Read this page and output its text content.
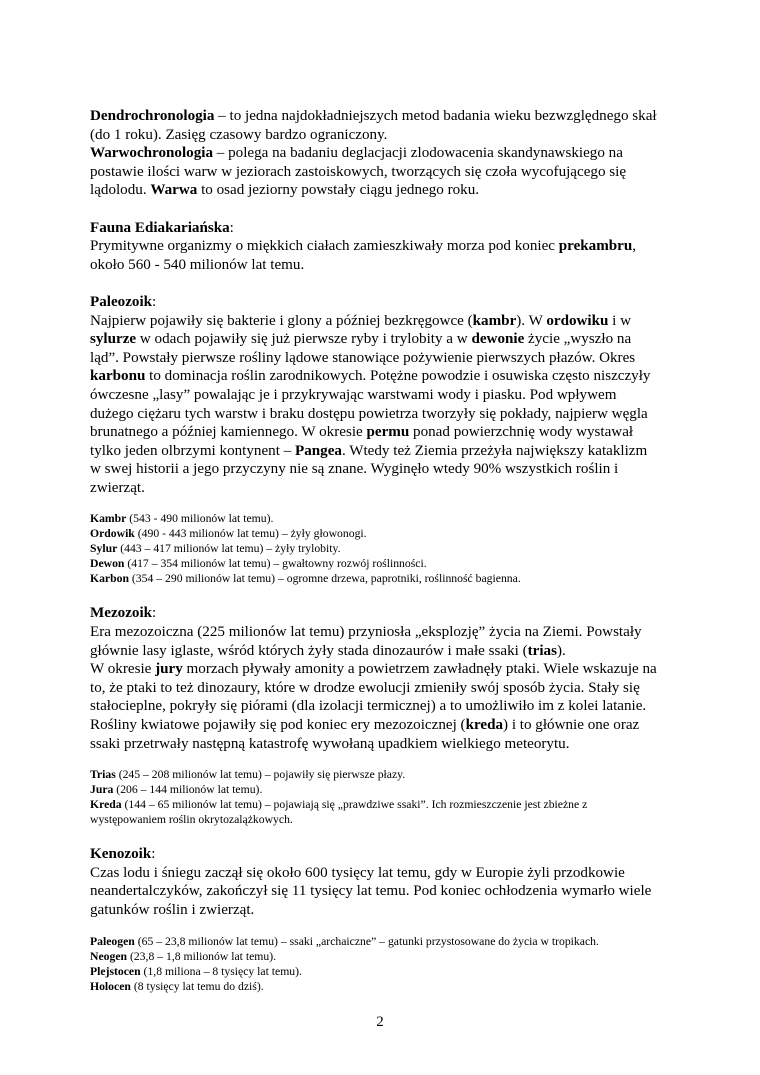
Dendrochronologia – to jedna najdokładniejszych metod badania wieku bezwzględnego skał

(do 1 roku). Zasięg czasowy bardzo ograniczony.

Warwochronologia – polega na badaniu deglacjacji zlodowacenia skandynawskiego na

postawie ilości warw w jeziorach zastoiskowych, tworzących się czoła wycofującego się

lądolodu. Warwa to osad jeziorny powstały ciągu jednego roku.

Fauna Ediakariańska:

Prymitywne organizmy o miękkich ciałach zamieszkiwały morza pod koniec prekambru,

około 560 - 540 milionów lat temu.

Paleozoik:

Najpierw pojawiły się bakterie i glony a później bezkręgowce (kambr). W ordowiku i w

sylurze w odach pojawiły się już pierwsze ryby i trylobity a w dewonie życie „wyszło na

ląd”. Powstały pierwsze rośliny lądowe stanowiące pożywienie pierwszych płazów. Okres

karbonu to dominacja roślin zarodnikowych. Potężne powodzie i osuwiska często niszczyły

ówczesne „lasy” powalając je i przykrywając warstwami wody i piasku. Pod wpływem

dużego ciężaru tych warstw i braku dostępu powietrza tworzyły się pokłady, najpierw węgla

brunatnego a później kamiennego. W okresie permu ponad powierzchnię wody wystawał

tylko jeden olbrzymi kontynent – Pangea. Wtedy też Ziemia przeżyła największy kataklizm

w swej historii a jego przyczyny nie są znane. Wyginęło wtedy 90% wszystkich roślin i

zwierząt.

Kambr (543 - 490 milionów lat temu).

Ordowik (490 - 443 milionów lat temu) – żyły głowonogi.

Sylur (443 – 417 milionów lat temu) – żyły trylobity.

Dewon (417 – 354 milionów lat temu) – gwałtowny rozwój roślinności.

Karbon (354 – 290 milionów lat temu) – ogromne drzewa, paprotniki, roślinność bagienna.

Mezozoik:

Era mezozoiczna (225 milionów lat temu) przyniosła „eksplozję” życia na Ziemi. Powstały

głównie lasy iglaste, wśród których żyły stada dinozaurów i małe ssaki (trias).

W okresie jury morzach pływały amonity a powietrzem zawładnęły ptaki. Wiele wskazuje na

to, że ptaki to też dinozaury, które w drodze ewolucji zmieniły swój sposób życia. Stały się

stałocieplne, pokryły się piórami (dla izolacji termicznej) a to umożliwiło im z kolei latanie.

Rośliny kwiatowe pojawiły się pod koniec ery mezozoicznej (kreda) i to głównie one oraz

ssaki przetrwały następną katastrofę wywołaną upadkiem wielkiego meteorytu.

Trias (245 – 208 milionów lat temu) – pojawiły się pierwsze płazy.

Jura (206 – 144 milionów lat temu).

Kreda (144 – 65 milionów lat temu) – pojawiają się „prawdziwe ssaki”. Ich rozmieszczenie jest zbieżne z

występowaniem roślin okrytozalążkowych.

Kenozoik:

Czas lodu i śniegu zaczął się około 600 tysięcy lat temu, gdy w Europie żyli przodkowie

neandertalczyków, zakończył się 11 tysięcy lat temu. Pod koniec ochłodzenia wymarło wiele

gatunków roślin i zwierząt.

Paleogen (65 – 23,8 milionów lat temu) – ssaki „archaiczne” – gatunki przystosowane do życia w tropikach.

Neogen (23,8 – 1,8 milionów lat temu).

Plejstocen (1,8 miliona – 8 tysięcy lat temu).

Holocen (8 tysięcy lat temu do dziś).

2
